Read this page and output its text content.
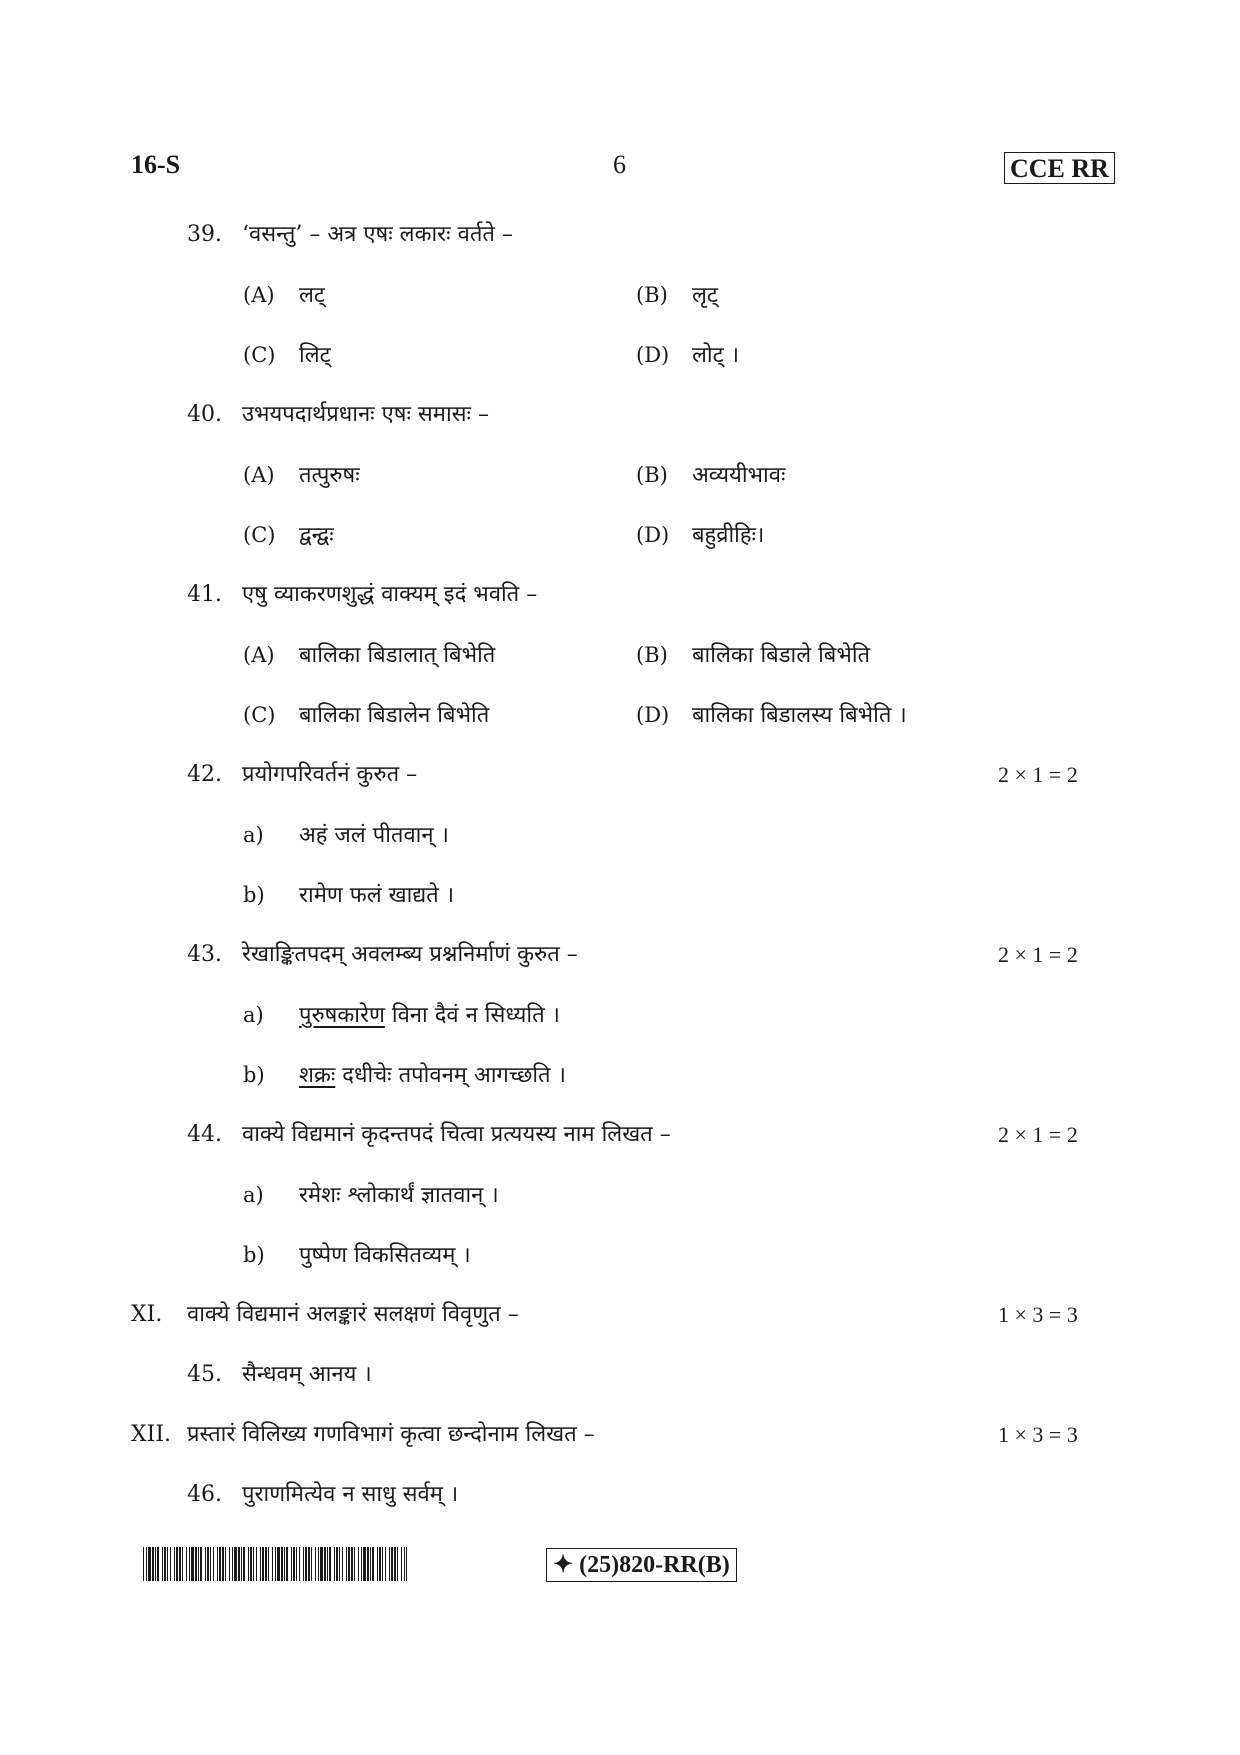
16-S	6	CCE RR
39. ‘वसन्तु’ – अत्र एषः लकारः वर्तते –
(A) लट्	(B) लृट्
(C) लिट्	(D) लोट् ।
40. उभयपदार्थप्रधानः एषः समासः –
(A) तत्पुरुषः	(B) अव्ययीभावः
(C) द्वन्द्वः	(D) बहुव्रीहिः।
41. एषु व्याकरणशुद्धं वाक्यम् इदं भवति –
(A) बालिका बिडालात् बिभेति	(B) बालिका बिडाले बिभेति
(C) बालिका बिडालेन बिभेति	(D) बालिका बिडालस्य बिभेति ।
42. प्रयोगपरिवर्तनं कुरुत –	2 × 1 = 2
a) अहं जलं पीतवान् ।
b) रामेण फलं खाद्यते ।
43. रेखाङ्कितपदम् अवलम्ब्य प्रश्ननिर्माणं कुरुत –	2 × 1 = 2
a) पुरुषकारेण विना दैवं न सिध्यति ।
b) शक्रः दधीचेः तपोवनम् आगच्छति ।
44. वाक्ये विद्यमानं कृदन्तपदं चित्वा प्रत्ययस्य नाम लिखत –	2 × 1 = 2
a) रमेशः श्लोकार्थं ज्ञातवान् ।
b) पुष्पेण विकसितव्यम् ।
XI. वाक्ये विद्यमानं अलङ्कारं सलक्षणं विवृणुत –	1 × 3 = 3
45. सैन्धवम् आनय ।
XII. प्रस्तारं विलिख्य गणविभागं कृत्वा छन्दोनाम लिखत –	1 × 3 = 3
46. पुराणमित्येव न साधु सर्वम् ।
✦ (25)820-RR(B)
